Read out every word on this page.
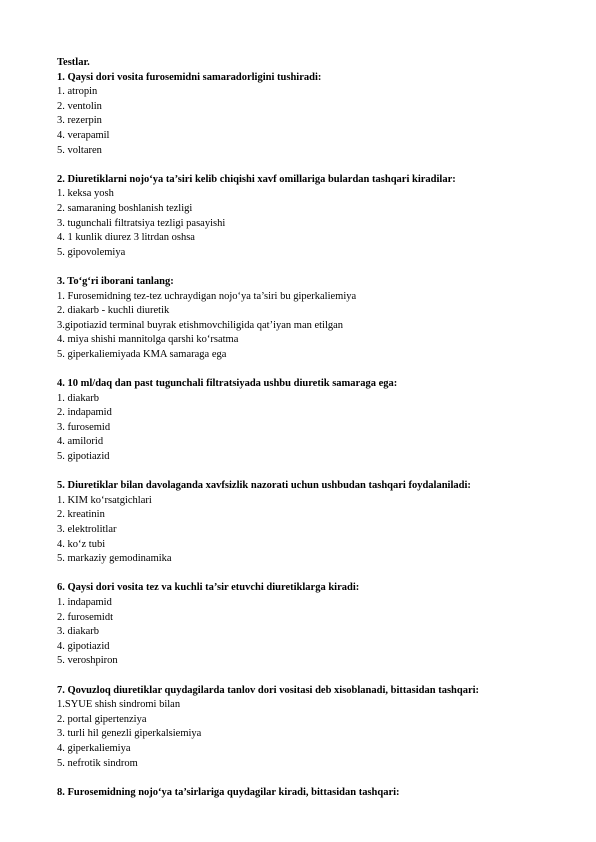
Testlar.
1. Qaysi dori vosita furosemidni samaradorligini tushiradi:
1. atropin
2. ventolin
3. rezerpin
4. verapamil
5. voltaren
2. Diuretiklarni nojo‘ya ta’siri kelib chiqishi xavf omillariga bulardan tashqari kiradilar:
1. keksa yosh
2. samaraning boshlanish tezligi
3. tugunchali filtratsiya tezligi pasayishi
4. 1 kunlik diurez 3 litrdan oshsa
5. gipovolemiya
3. To‘g‘ri iborani tanlang:
1. Furosemidning tez-tez uchraydigan nojo‘ya ta’siri bu giperkaliemiya
2. diakarb - kuchli diuretik
3.gipotiazid terminal buyrak etishmovchiligida qat’iyan man etilgan
4. miya shishi mannitolga qarshi ko‘rsatma
5. giperkaliemiyada KMA samaraga ega
4. 10 ml/daq dan past tugunchali filtratsiyada ushbu diuretik samaraga ega:
1. diakarb
2. indapamid
3. furosemid
4. amilorid
5. gipotiazid
5. Diuretiklar bilan davolaganda xavfsizlik nazorati uchun ushbudan tashqari foydalaniladi:
1. KIM ko‘rsatgichlari
2. kreatinin
3. elektrolitlar
4. ko‘z tubi
5. markaziy gemodinamika
6. Qaysi dori vosita tez va kuchli ta’sir etuvchi diuretiklarga kiradi:
1. indapamid
2. furosemidt
3. diakarb
4. gipotiazid
5. veroshpiron
7. Qovuzloq diuretiklar quydagilarda tanlov dori vositasi deb xisoblanadi, bittasidan tashqari:
1.SYUE shish sindromi bilan
2. portal gipertenziya
3. turli hil genezli giperkalsiemiya
4. giperkaliemiya
5. nefrotik sindrom
8. Furosemidning nojo‘ya ta’sirlariga quydagilar kiradi, bittasidan tashqari:
